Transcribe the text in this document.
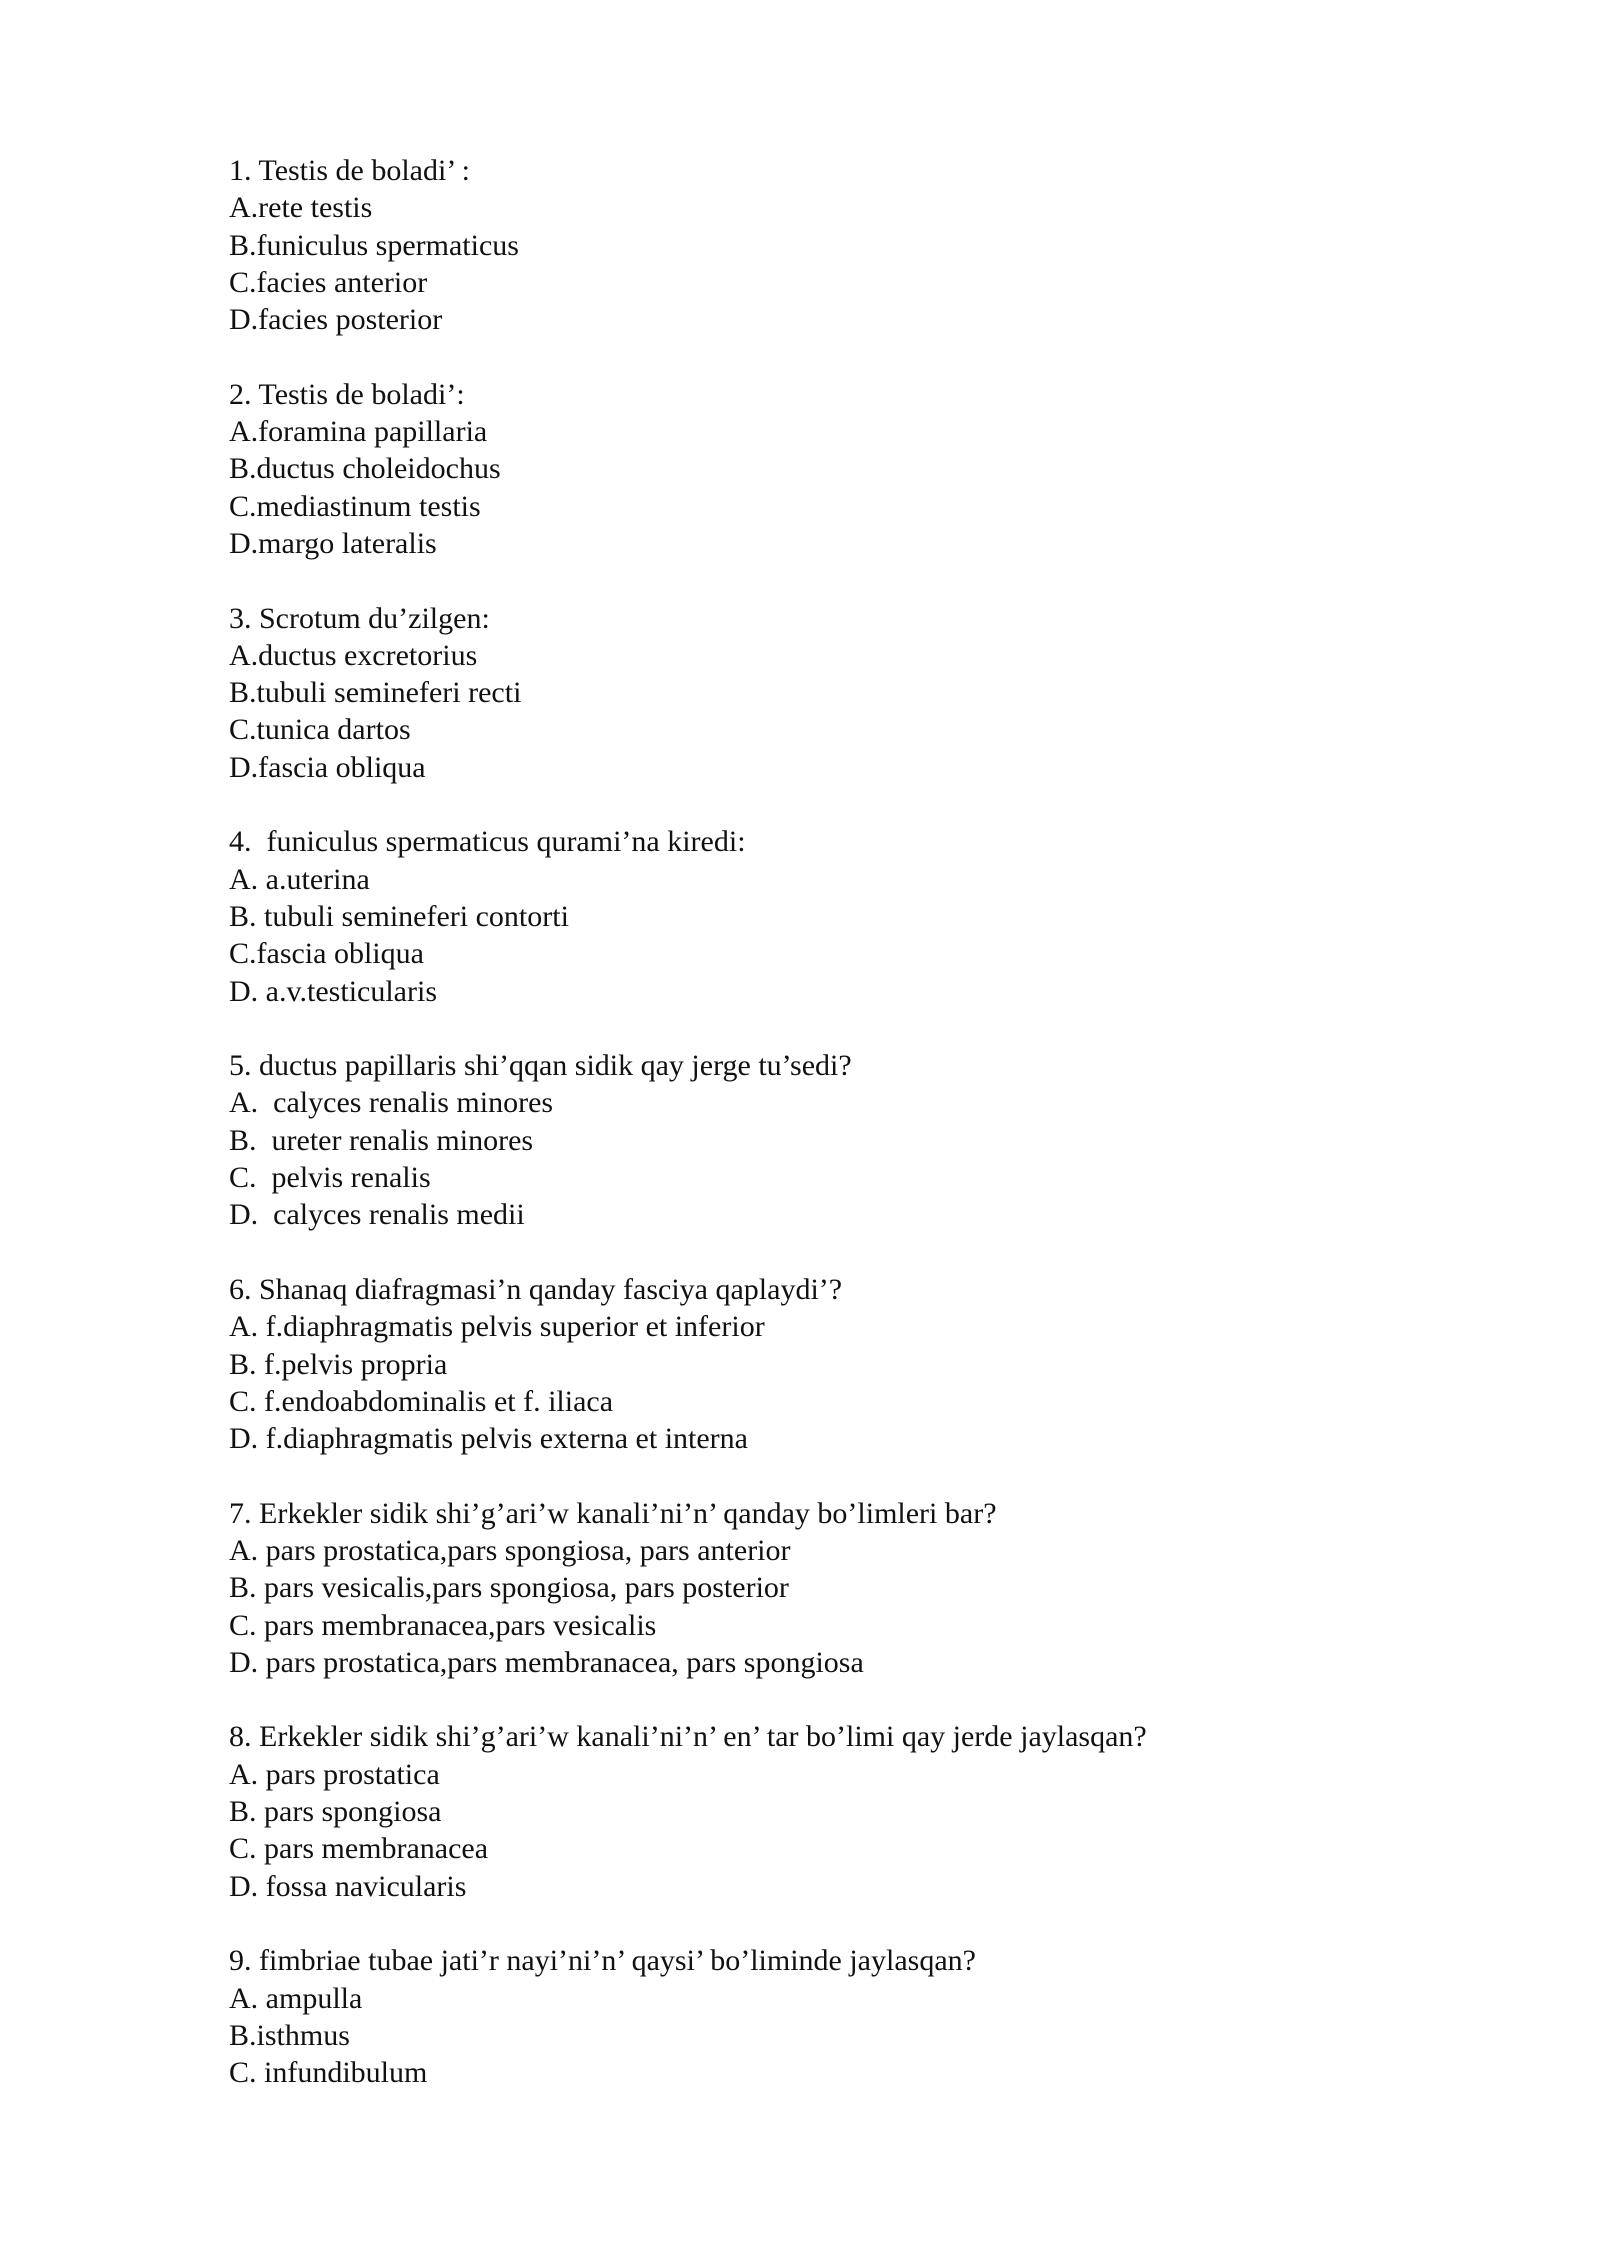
1. Testis de boladi’ :
A.rete testis
B.funiculus spermaticus
C.facies anterior
D.facies posterior
2. Testis de boladi’:
A.foramina papillaria
B.ductus choleidochus
C.mediastinum testis
D.margo lateralis
3. Scrotum du’zilgen:
A.ductus excretorius
B.tubuli semineferi recti
C.tunica dartos
D.fascia obliqua
4.  funiculus spermaticus qurami’na kiredi:
A. a.uterina
B. tubuli semineferi contorti
C.fascia obliqua
D. a.v.testicularis
5. ductus papillaris shi’qqan sidik qay jerge tu’sedi?
A.  calyces renalis minores
B.  ureter renalis minores
C.  pelvis renalis
D.  calyces renalis medii
6. Shanaq diafragmasi’n qanday fasciya qaplaydi’?
A. f.diaphragmatis pelvis superior et inferior
B. f.pelvis propria
C. f.endoabdominalis et f. iliaca
D. f.diaphragmatis pelvis externa et interna
7. Erkekler sidik shi’g’ari’w kanali’ni’n’ qanday bo’limleri bar?
A. pars prostatica,pars spongiosa, pars anterior
B. pars vesicalis,pars spongiosa, pars posterior
C. pars membranacea,pars vesicalis
D. pars prostatica,pars membranacea, pars spongiosa
8. Erkekler sidik shi’g’ari’w kanali’ni’n’ en’ tar bo’limi qay jerde jaylasqan?
A. pars prostatica
B. pars spongiosa
C. pars membranacea
D. fossa navicularis
9. fimbriae tubae jati’r nayi’ni’n’ qaysi’ bo’liminde jaylasqan?
A. ampulla
B.isthmus
C. infundibulum
